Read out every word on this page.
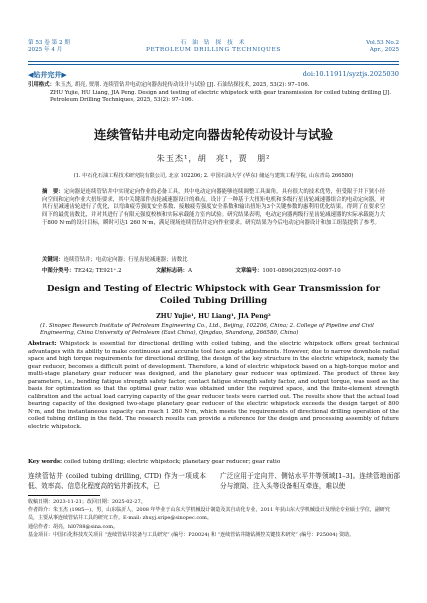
第 53 卷 第 2 期
2025 年 4 月
石 油 钻 探 技 术
PETROLEUM DRILLING TECHNIQUES
Vol.53 No.2
Apr., 2025
◀钻井完井▶	doi:10.11911/syztjs.2025030
引用格式：朱玉杰, 胡亮, 贾朋. 连续管钻井电动定向器齿轮传动设计与试验 [J]. 石油钻探技术, 2025, 53(2): 97–106.
ZHU Yujie, HU Liang, JIA Peng. Design and testing of electric whipstock with gear transmission for coiled tubing drilling [J]. Petroleum Drilling Techniques, 2025, 53(2): 97–106.
连续管钻井电动定向器齿轮传动设计与试验
朱玉杰¹，胡　亮¹，贾　朋²
(1. 中石化石油工程技术研究院有限公司, 北京 102206; 2. 中国石油大学 (华东) 储运与建筑工程学院, 山东青岛 266580)
摘　要：定向器是连续管钻井中实现定向作业的必备工具，其中电动定向器能够连续调整工具面角，具有很大的技术优势，但受限于井下狭小径向空间和定向作业大扭矩要求，其中关键部件齿轮减速器设计的难点。设计了一种基于大扭矩电机和多级行星齿轮减速器组合的电动定向器，对其行星减速齿轮进行了优化，以弯曲疲劳强度安全系数、接触疲劳强度安全系数和输出扭矩为3个关键参数的惠利用优化结果，得到了在要求空间下的最优齿数比，并对其进行了有限元强度校核和实际承载能力室内试验。研究结果表明，电动定向器两级行星齿轮减速器的实际承载能力大于800 N·m的设计目标，瞬时可达1 260 N·m，满足现场连续管钻井定向作业要求。研究结果为今后电动定向器设计和加工组装提供了参考。
关键词：连续管钻井；电动定向器；行星齿轮减速器；齿数比
中图分类号：TE242; TE921⁺.2	文献标志码：A	文章编号：1001-0890(2025)02-0097-10
Design and Testing of Electric Whipstock with Gear Transmission for Coiled Tubing Drilling
ZHU Yujie¹, HU Liang¹, JIA Peng²
(1. Sinopec Research Institute of Petroleum Engineering Co., Ltd., Beijing, 102206, China; 2. College of Pipeline and Civil Engineering, China University of Petroleum (East China), Qingdao, Shandong, 266580, China)
Abstract: Whipstock is essential for directional drilling with coiled tubing, and the electric whipstock offers great technical advantages with its ability to make continuous and accurate tool face angle adjustments. However, due to narrow downhole radial space and high torque requirements for directional drilling, the design of the key structure in the electric whipstock, namely the gear reducer, becomes a difficult point of development. Therefore, a kind of electric whipstock based on a high-torque motor and multi-stage planetary gear reducer was designed, and the planetary gear reducer was optimized. The product of three key parameters, i.e., bending fatigue strength safety factor, contact fatigue strength safety factor, and output torque, was used as the basis for optimization so that the optimal gear ratio was obtained under the required space, and the finite-element strength calibration and the actual load carrying capacity of the gear reducer tests were carried out. The results show that the actual load bearing capacity of the designed two-stage planetary gear reducer of the electric whipstock exceeds the design target of 800 N·m, and the instantaneous capacity can reach 1 260 N·m, which meets the requirements of directional drilling operation of the coiled tubing drilling in the field. The research results can provide a reference for the design and processing assembly of future electric whipstock.
Key words: coiled tubing drilling; electric whipstock; planetary gear reducer; gear ratio
连续管钻井 (coiled tubing drilling, CTD) 作为一项成本低、效率高、信息化程度高的钻井新技术，已
广泛应用于定向井、侧钻水平井等领域[1–3]。连续管地面部分与滚筒、注入头等设备相互牵连，难以使
收稿日期：2023-11-21；改回日期：2025-02-27。
作者简介：朱玉杰 (1985—)，男，山东临沂人，2008 年毕业于山东大学机械设计制造及其自动化专业，2011 年获山东大学机械设计及理论专业硕士学位，副研究员，主要从事连续管钻井工具的研究工作。E-mail: zhuyj.sripe@sinopec.com。
通信作者：胡亮，hl0788@sina.com。
基金项目：中国石化科技攻关项目 “连续管钻井装备与工具研究” (编号：P20024) 和 “连续管钻井随钻测控关键技术研究” (编号：P25004) 资助。
